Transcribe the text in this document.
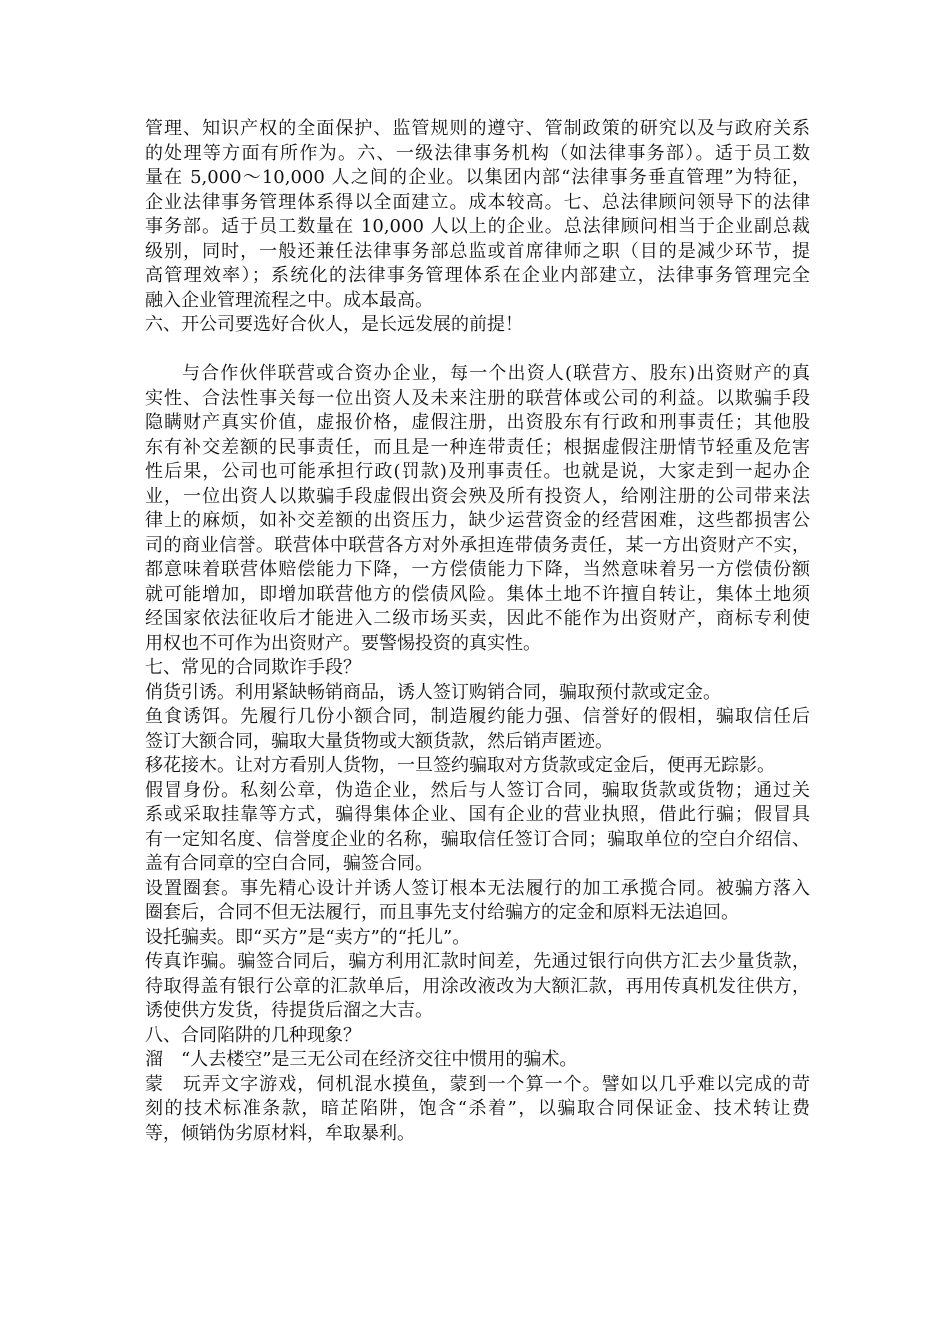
管理、知识产权的全面保护、监管规则的遵守、管制政策的研究以及与政府关系
的处理等方面有所作为。六、一级法律事务机构（如法律事务部）。适于员工数
量在 5,000～10,000 人之间的企业。以集团内部“法律事务垂直管理”为特征，
企业法律事务管理体系得以全面建立。成本较高。七、总法律顾问领导下的法律
事务部。适于员工数量在 10,000 人以上的企业。总法律顾问相当于企业副总裁
级别，同时，一般还兼任法律事务部总监或首席律师之职（目的是减少环节，提
高管理效率）；系统化的法律事务管理体系在企业内部建立，法律事务管理完全
融入企业管理流程之中。成本最高。
六、开公司要选好合伙人，是长远发展的前提！
与合作伙伴联营或合资办企业，每一个出资人(联营方、股东)出资财产的真
实性、合法性事关每一位出资人及未来注册的联营体或公司的利益。以欺骗手段
隐瞒财产真实价值，虚报价格，虚假注册，出资股东有行政和刑事责任；其他股
东有补交差额的民事责任，而且是一种连带责任；根据虚假注册情节轻重及危害
性后果，公司也可能承担行政(罚款)及刑事责任。也就是说，大家走到一起办企
业，一位出资人以欺骗手段虚假出资会殃及所有投资人，给刚注册的公司带来法
律上的麻烦，如补交差额的出资压力，缺少运营资金的经营困难，这些都损害公
司的商业信誉。联营体中联营各方对外承担连带债务责任，某一方出资财产不实，
都意味着联营体赔偿能力下降，一方偿债能力下降，当然意味着另一方偿债份额
就可能增加，即增加联营他方的偿债风险。集体土地不许擅自转让，集体土地须
经国家依法征收后才能进入二级市场买卖，因此不能作为出资财产，商标专利使
用权也不可作为出资财产。要警惕投资的真实性。
七、常见的合同欺诈手段？
俏货引诱。利用紧缺畅销商品，诱人签订购销合同，骗取预付款或定金。
鱼食诱饵。先履行几份小额合同，制造履约能力强、信誉好的假相，骗取信任后
签订大额合同，骗取大量货物或大额货款，然后销声匿迹。
移花接木。让对方看别人货物，一旦签约骗取对方货款或定金后，便再无踪影。
假冒身份。私刻公章，伪造企业，然后与人签订合同，骗取货款或货物；通过关
系或采取挂靠等方式，骗得集体企业、国有企业的营业执照，借此行骗；假冒具
有一定知名度、信誉度企业的名称，骗取信任签订合同；骗取单位的空白介绍信、
盖有合同章的空白合同，骗签合同。
设置圈套。事先精心设计并诱人签订根本无法履行的加工承揽合同。被骗方落入
圈套后，合同不但无法履行，而且事先支付给骗方的定金和原料无法追回。
设托骗卖。即“买方”是“卖方”的“托儿”。
传真诈骗。骗签合同后，骗方利用汇款时间差，先通过银行向供方汇去少量货款，
待取得盖有银行公章的汇款单后，用涂改液改为大额汇款，再用传真机发往供方，
诱使供方发货，待提货后溜之大吉。
八、合同陷阱的几种现象？
溜　“人去楼空”是三无公司在经济交往中惯用的骗术。
蒙　玩弄文字游戏，伺机混水摸鱼，蒙到一个算一个。譬如以几乎难以完成的苛
刻的技术标准条款，暗芷陷阱，饱含“杀着”，以骗取合同保证金、技术转让费
等，倾销伪劣原材料，牟取暴利。
